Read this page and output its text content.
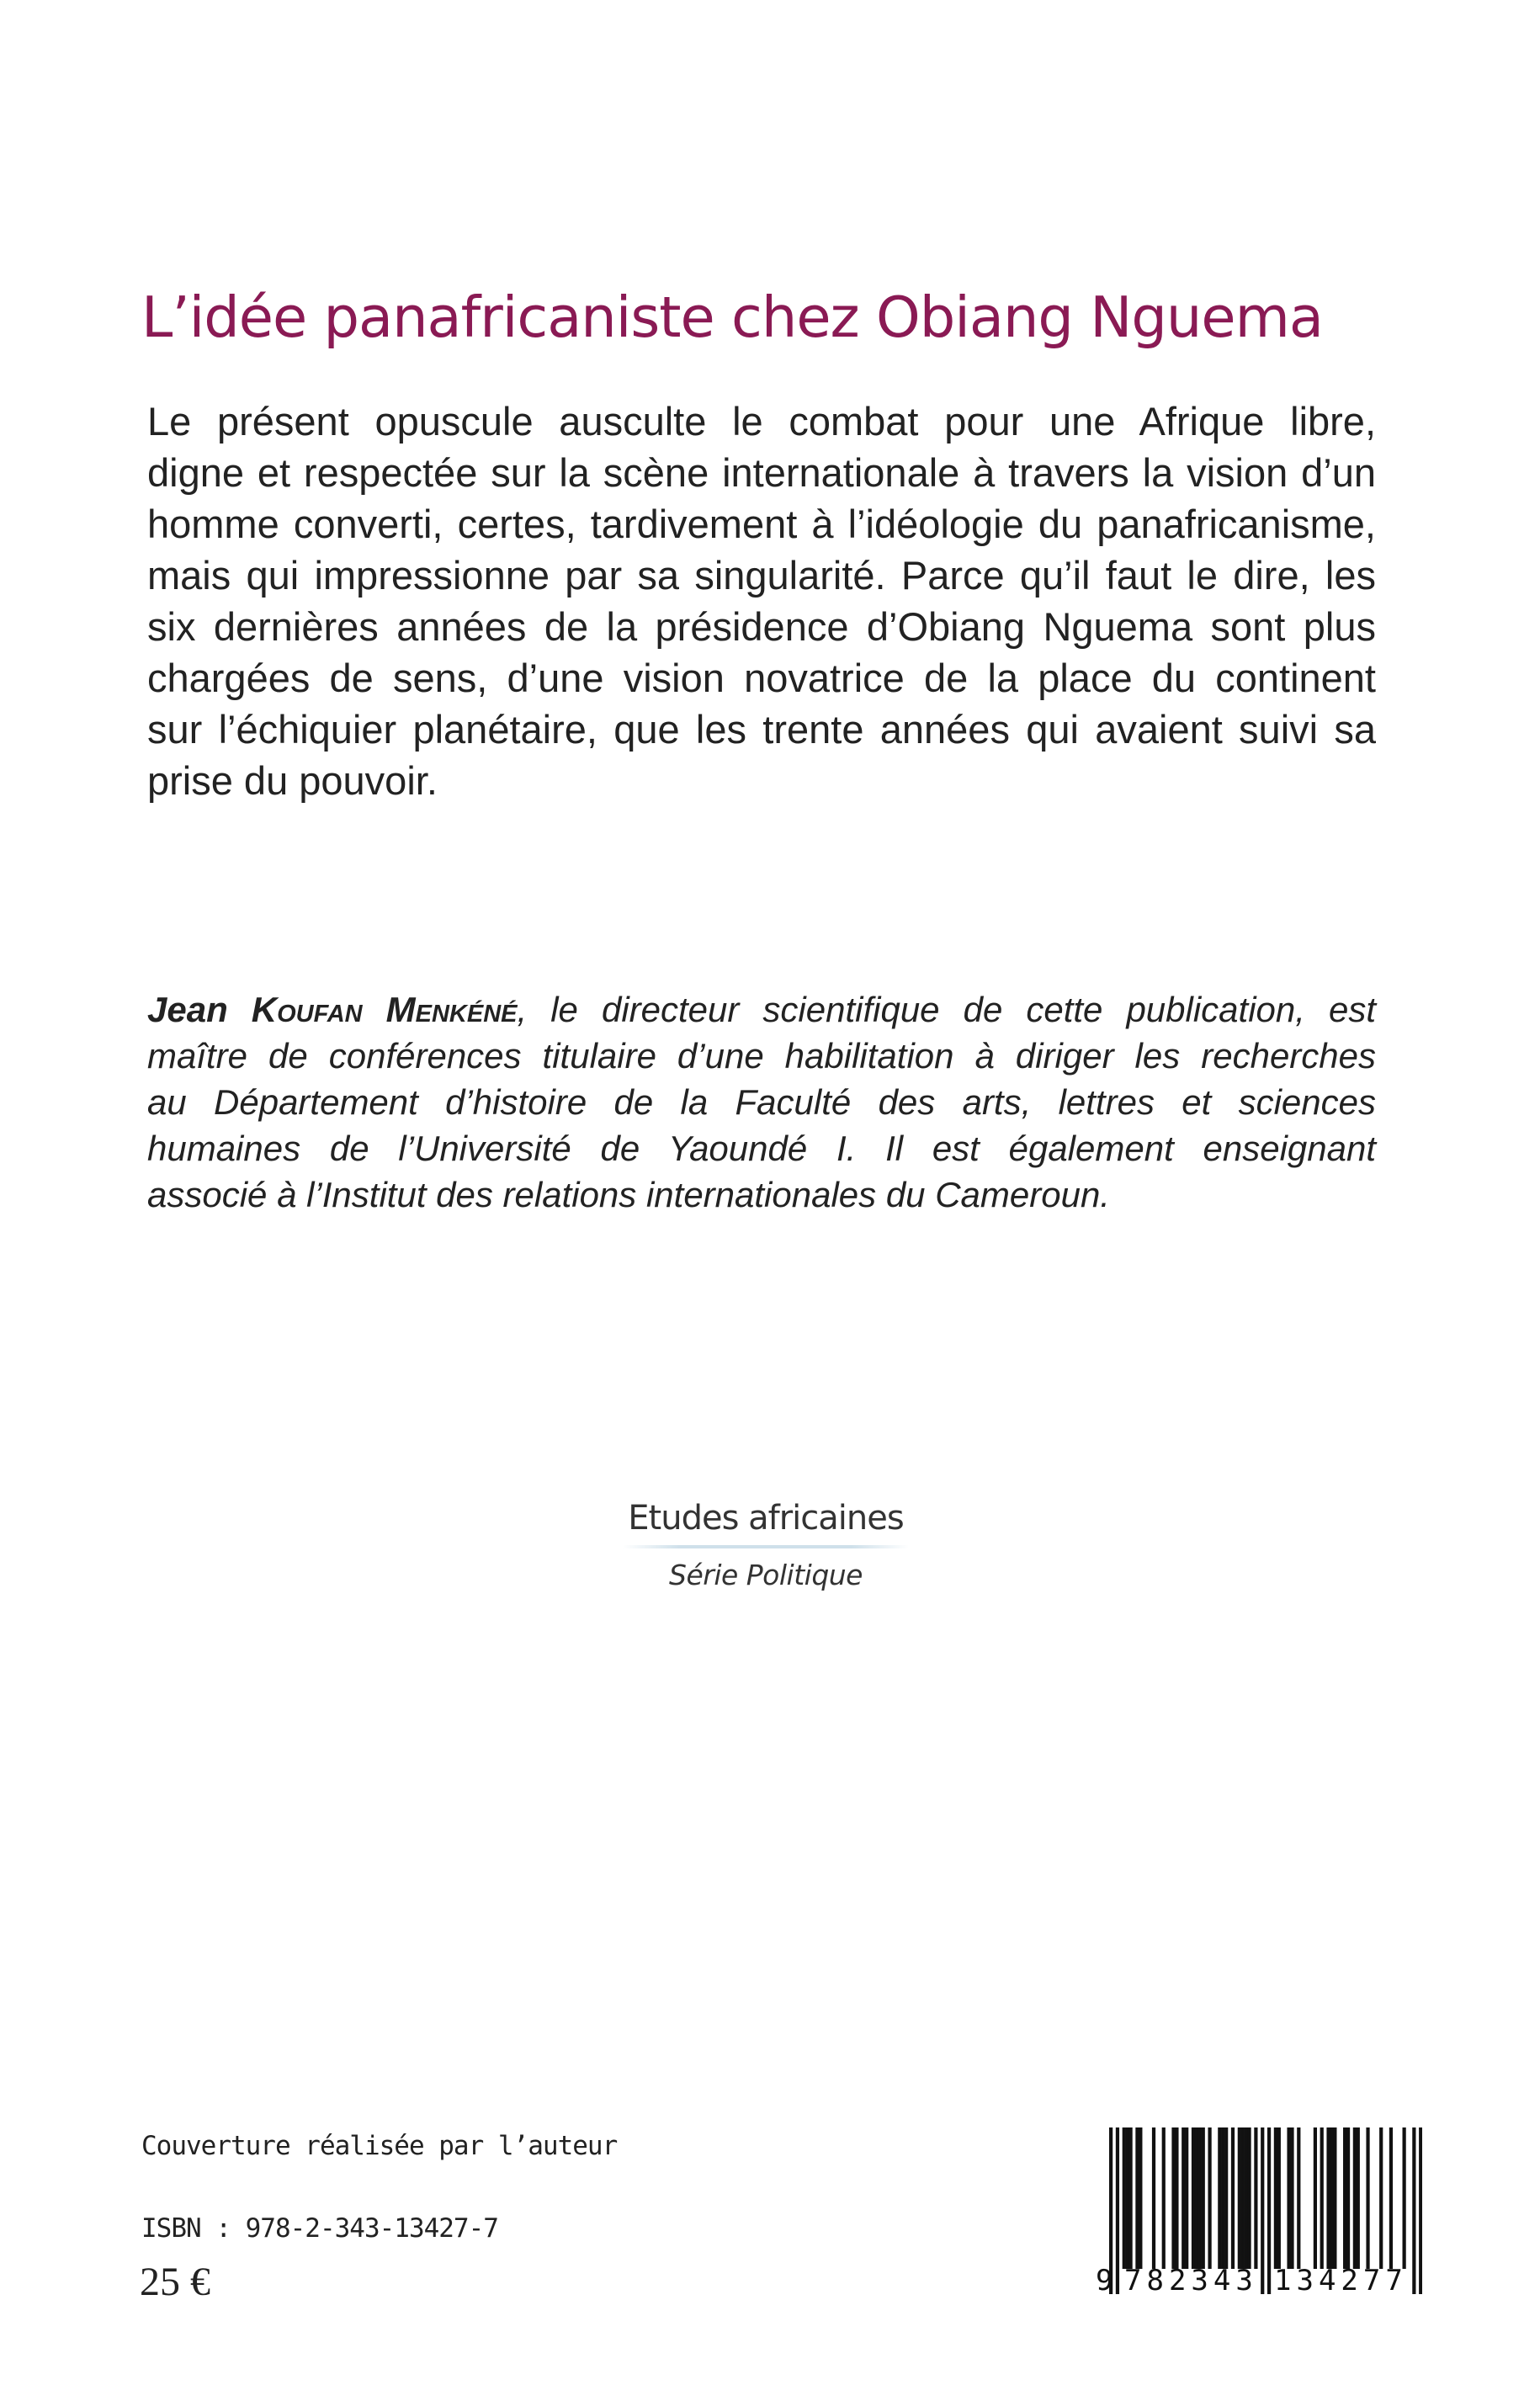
L’idée panafricaniste chez Obiang Nguema
Le présent opuscule ausculte le combat pour une Afrique libre,
digne et respectée sur la scène internationale à travers la vision d’un
homme converti, certes, tardivement à l’idéologie du panafricanisme,
mais qui impressionne par sa singularité. Parce qu’il faut le dire, les
six dernières années de la présidence d’Obiang Nguema sont plus
chargées de sens, d’une vision novatrice de la place du continent
sur l’échiquier planétaire, que les trente années qui avaient suivi sa
prise du pouvoir.
Jean Koufan Menkéné, le directeur scientifique de cette publication, est
maître de conférences titulaire d’une habilitation à diriger les recherches
au Département d’histoire de la Faculté des arts, lettres et sciences
humaines de l’Université de Yaoundé I. Il est également enseignant
associé à l’Institut des relations internationales du Cameroun.
Etudes africaines
Série Politique
Couverture réalisée par l’auteur
ISBN : 978-2-343-13427-7
25 €	9 782343 134277
